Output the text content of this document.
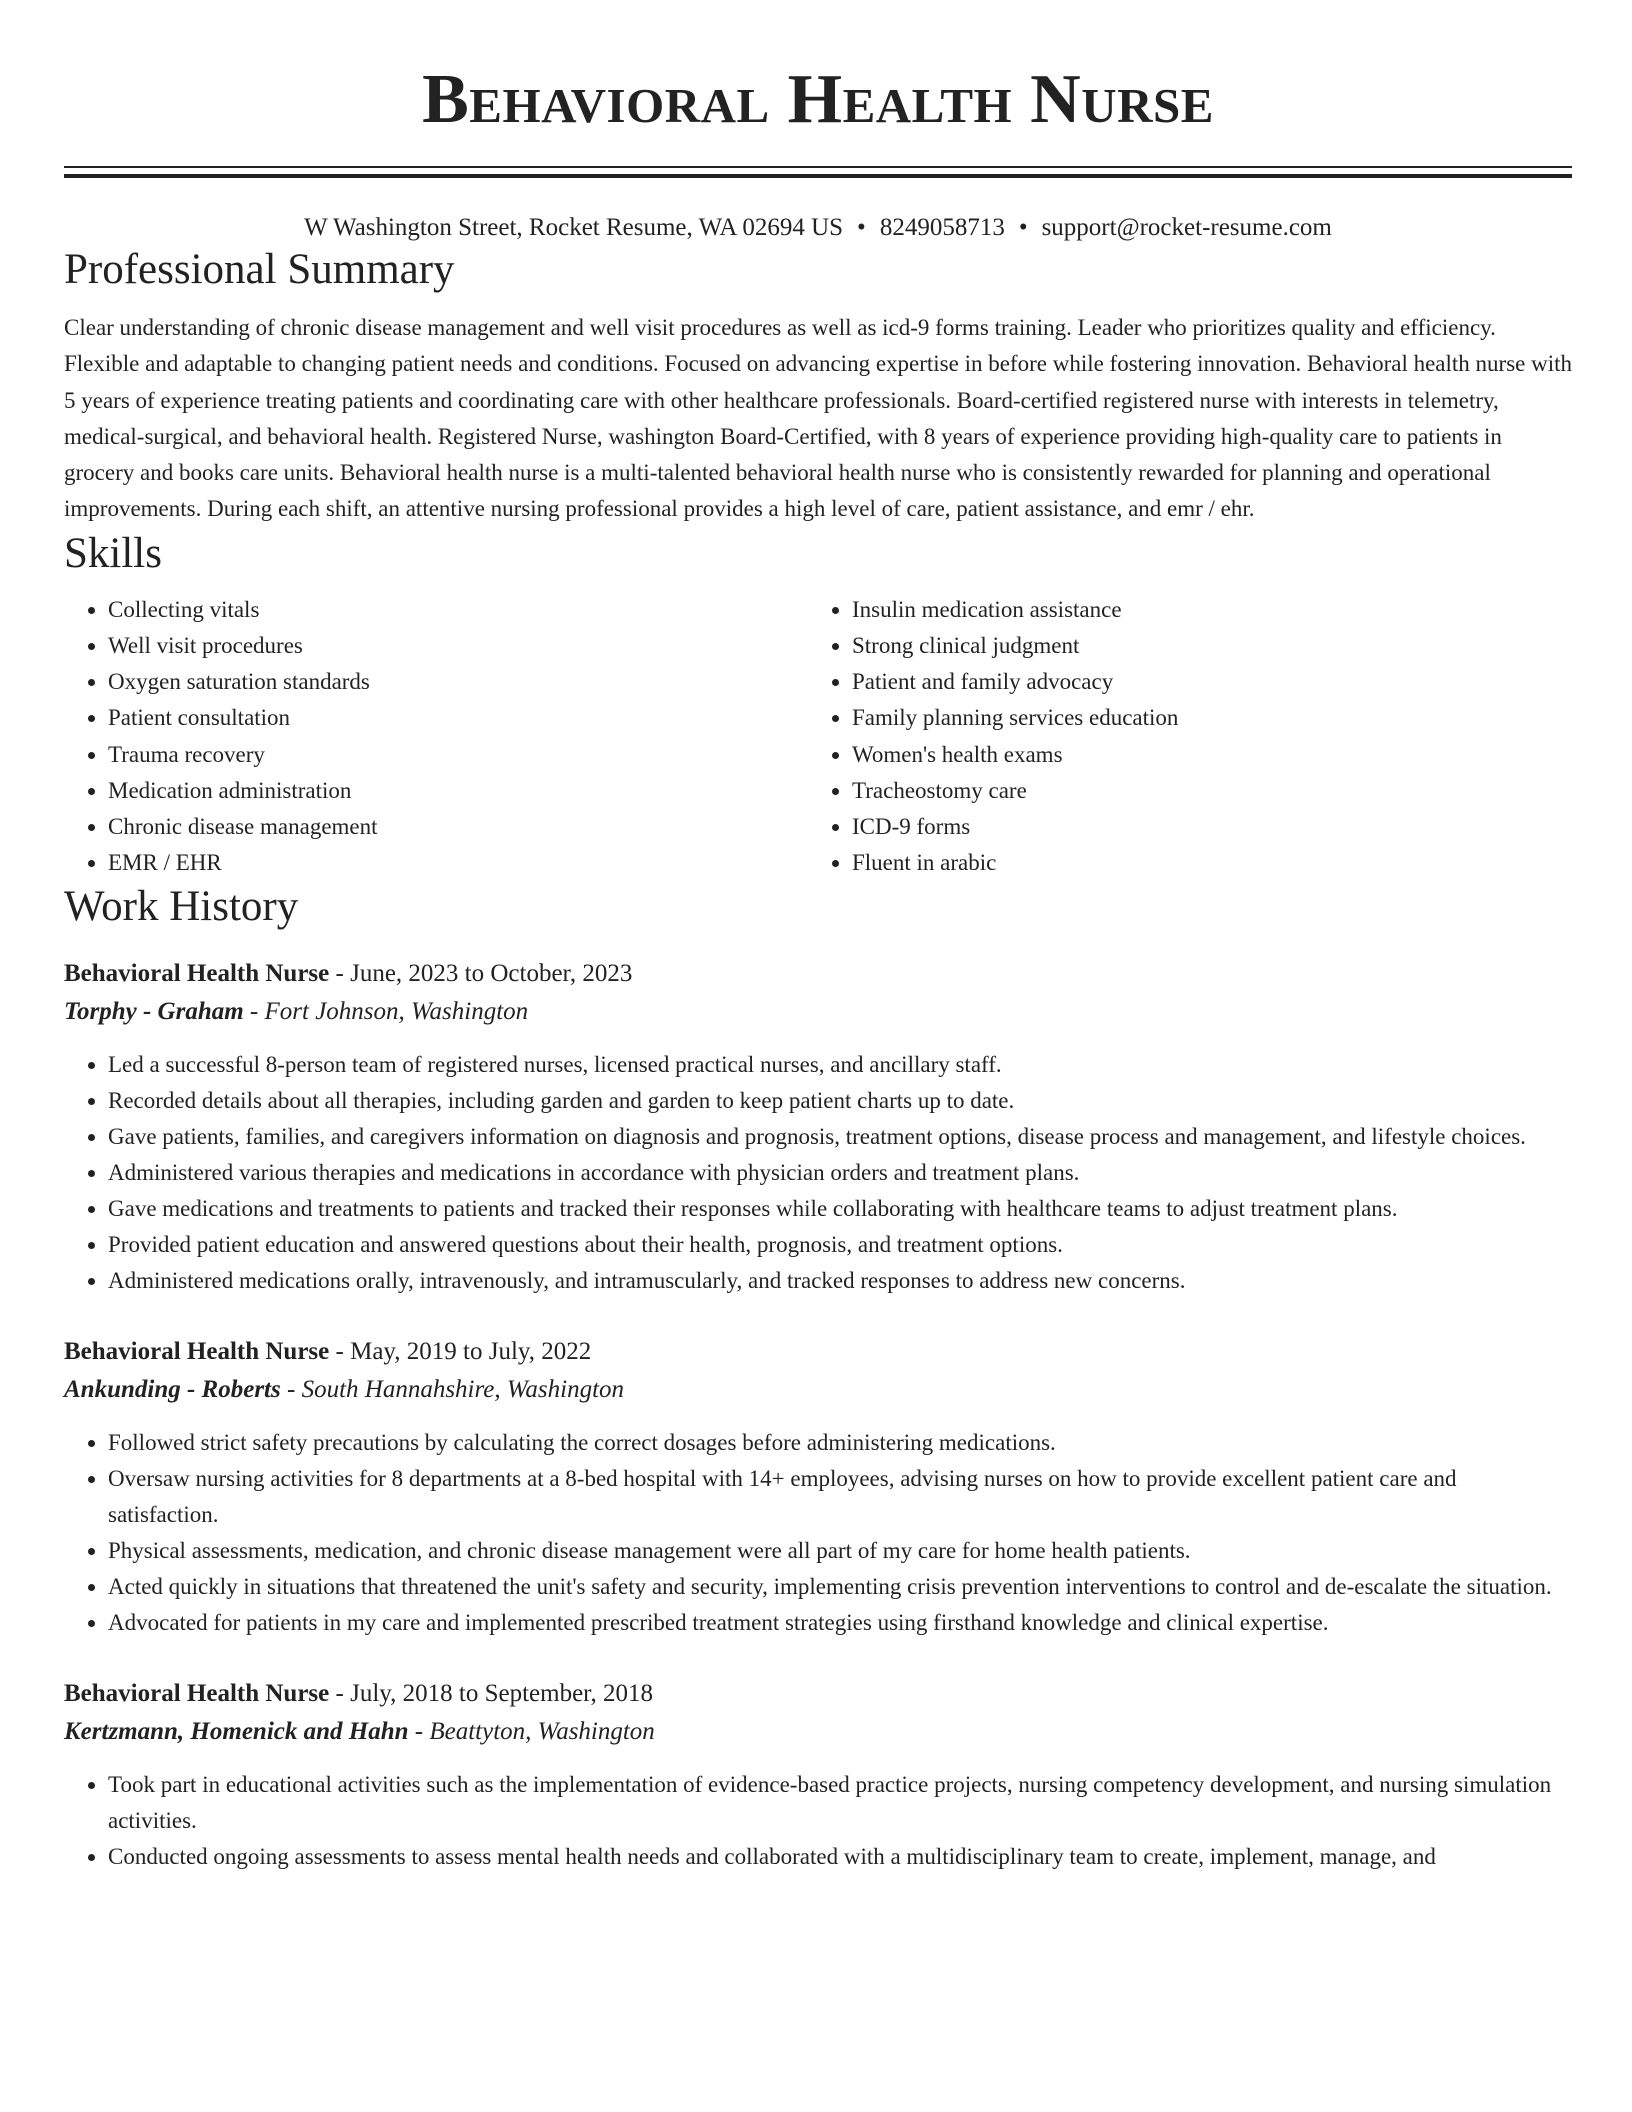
Behavioral Health Nurse
W Washington Street, Rocket Resume, WA 02694 US • 8249058713 • support@rocket-resume.com
Professional Summary

Clear understanding of chronic disease management and well visit procedures as well as icd-9 forms training. Leader who prioritizes quality and efficiency. Flexible and adaptable to changing patient needs and conditions. Focused on advancing expertise in before while fostering innovation. Behavioral health nurse with 5 years of experience treating patients and coordinating care with other healthcare professionals. Board-certified registered nurse with interests in telemetry, medical-surgical, and behavioral health. Registered Nurse, washington Board-Certified, with 8 years of experience providing high-quality care to patients in grocery and books care units. Behavioral health nurse is a multi-talented behavioral health nurse who is consistently rewarded for planning and operational improvements. During each shift, an attentive nursing professional provides a high level of care, patient assistance, and emr / ehr.

Skills
• Collecting vitals
• Well visit procedures
• Oxygen saturation standards
• Patient consultation
• Trauma recovery
• Medication administration
• Chronic disease management
• EMR / EHR
• Insulin medication assistance
• Strong clinical judgment
• Patient and family advocacy
• Family planning services education
• Women's health exams
• Tracheostomy care
• ICD-9 forms
• Fluent in arabic
Work History
Behavioral Health Nurse - June, 2023 to October, 2023
Torphy - Graham - Fort Johnson, Washington
• Led a successful 8-person team of registered nurses, licensed practical nurses, and ancillary staff.
• Recorded details about all therapies, including garden and garden to keep patient charts up to date.
• Gave patients, families, and caregivers information on diagnosis and prognosis, treatment options, disease process and management, and lifestyle choices.
• Administered various therapies and medications in accordance with physician orders and treatment plans.
• Gave medications and treatments to patients and tracked their responses while collaborating with healthcare teams to adjust treatment plans.
• Provided patient education and answered questions about their health, prognosis, and treatment options.
• Administered medications orally, intravenously, and intramuscularly, and tracked responses to address new concerns.
Behavioral Health Nurse - May, 2019 to July, 2022
Ankunding - Roberts - South Hannahshire, Washington
• Followed strict safety precautions by calculating the correct dosages before administering medications.
• Oversaw nursing activities for 8 departments at a 8-bed hospital with 14+ employees, advising nurses on how to provide excellent patient care and satisfaction.
• Physical assessments, medication, and chronic disease management were all part of my care for home health patients.
• Acted quickly in situations that threatened the unit's safety and security, implementing crisis prevention interventions to control and de-escalate the situation.
• Advocated for patients in my care and implemented prescribed treatment strategies using firsthand knowledge and clinical expertise.
Behavioral Health Nurse - July, 2018 to September, 2018
Kertzmann, Homenick and Hahn - Beattyton, Washington
• Took part in educational activities such as the implementation of evidence-based practice projects, nursing competency development, and nursing simulation activities.
• Conducted ongoing assessments to assess mental health needs and collaborated with a multidisciplinary team to create, implement, manage, and
